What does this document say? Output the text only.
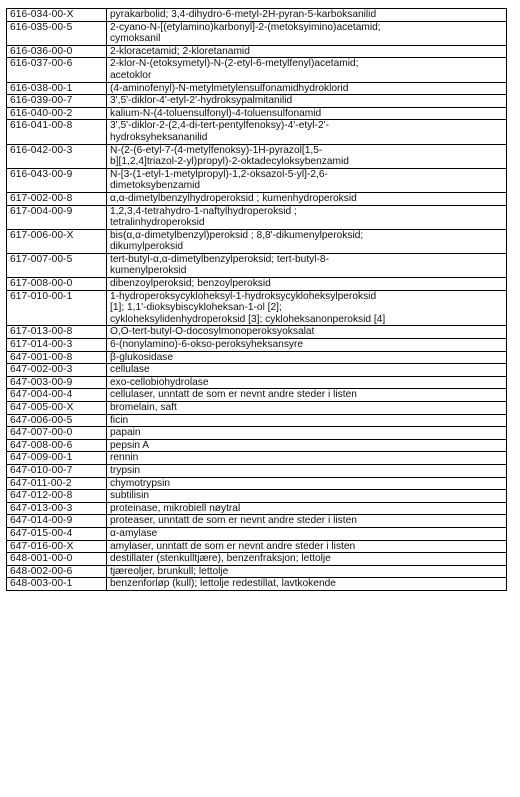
616-034-00-X	pyrakarbolid; 3,4-dihydro-6-metyl-2H-pyran-5-karboksanilid
616-035-00-5	2-cyano-N-[(etylamino)karbonyl]-2-(metoksyimino)acetamid;
cymoksanil
616-036-00-0	2-kloracetamid; 2-kloretanamid
616-037-00-6	2-klor-N-(etoksymetyl)-N-(2-etyl-6-metylfenyl)acetamid;
acetoklor
616-038-00-1	(4-aminofenyl)-N-metylmetylensulfonamidhydroklorid
616-039-00-7	3',5'-diklor-4'-etyl-2'-hydroksypalmitanilid
616-040-00-2	kalium-N-(4-toluensulfonyl)-4-toluensulfonamid
616-041-00-8	3',5'-diklor-2-(2,4-di-tert-pentylfenoksy)-4'-etyl-2'-
hydroksyheksananilid
616-042-00-3	N-(2-(6-etyl-7-(4-metylfenoksy)-1H-pyrazol[1,5-
b][1,2,4]triazol-2-yl)propyl)-2-oktadecyloksybenzamid
616-043-00-9	N-[3-(1-etyl-1-metylpropyl)-1,2-oksazol-5-yl]-2,6-
dimetoksybenzamid
617-002-00-8	α,α-dimetylbenzylhydroperoksid ; kumenhydroperoksid
617-004-00-9	1,2,3,4-tetrahydro-1-naftylhydroperoksid ;
tetralinhydroperoksid
617-006-00-X	bis(α,α-dimetylbenzyl)peroksid ; 8,8'-dikumenylperoksid;
dikumylperoksid
617-007-00-5	tert-butyl-α,α-dimetylbenzylperoksid; tert-butyl-8-
kumenylperoksid
617-008-00-0	dibenzoylperoksid; benzoylperoksid
617-010-00-1	1-hydroperoksycykloheksyl-1-hydroksycykloheksylperoksid
[1]; 1,1'-dioksybiscykloheksan-1-ol [2];
cykloheksylidenhydroperoksid [3]; cykloheksanonperoksid [4]
617-013-00-8	O,O-tert-butyl-O-docosylmonoperoksyoksalat
617-014-00-3	6-(nonylamino)-6-okso-peroksyheksansyre
647-001-00-8	β-glukosidase
647-002-00-3	cellulase
647-003-00-9	exo-cellobiohydrolase
647-004-00-4	cellulaser, unntatt de som er nevnt andre steder i listen
647-005-00-X	bromelain, saft
647-006-00-5	ficin
647-007-00-0	papain
647-008-00-6	pepsin A
647-009-00-1	rennin
647-010-00-7	trypsin
647-011-00-2	chymotrypsin
647-012-00-8	subtilisin
647-013-00-3	proteinase, mikrobiell nøytral
647-014-00-9	proteaser, unntatt de som er nevnt andre steder i listen
647-015-00-4	α-amylase
647-016-00-X	amylaser, unntatt de som er nevnt andre steder i listen
648-001-00-0	destillater (stenkulltjære), benzenfraksjon; lettolje
648-002-00-6	tjæreoljer, brunkull; lettolje
648-003-00-1	benzenforløp (kull); lettolje redestillat, lavtkokende
